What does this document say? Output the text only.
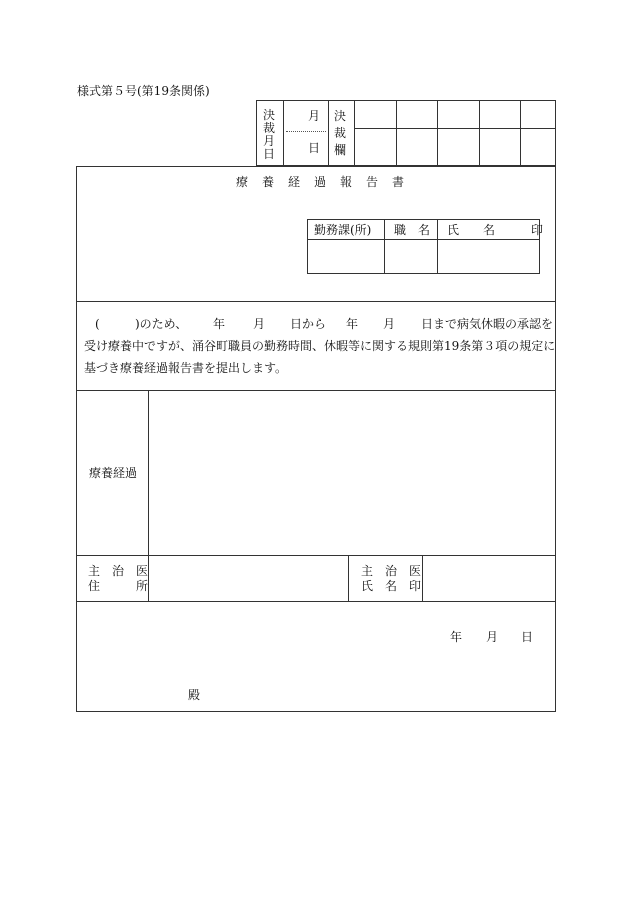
様式第５号(第19条関係)
決
裁
月
日
月
日
決
裁
欄
療　養　経　過　報　告　書
勤務課(所) 職　名 氏　　名　　　印
(	)のため、 年 月 日から 年 月 日まで病気休暇の承認を
受け療養中ですが、涌谷町職員の勤務時間、休暇等に関する規則第19条第３項の規定に
基づき療養経過報告書を提出します。
療養経過
主　治　医
住　　　所
主　治　医
氏　名　印
年 月 日
殿
